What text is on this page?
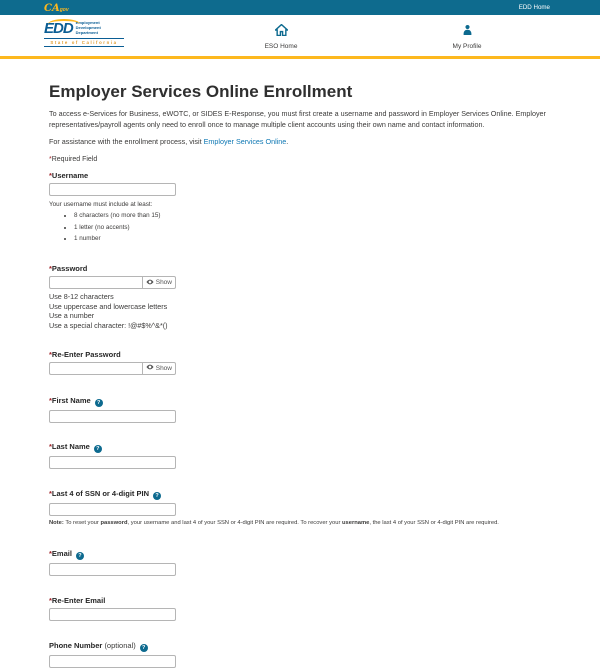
CAgov	EDD Home
EDD Employment
Development
Department
State of California
ESO Home	My Profile
Employer Services Online Enrollment

To access e-Services for Business, eWOTC, or SIDES E-Response, you must first create a username and password in Employer Services Online. Employer representatives/payroll agents only need to enroll once to manage multiple client accounts using their own name and contact information.

For assistance with the enrollment process, visit Employer Services Online.

*Required Field

*Username
Your username must include at least:
• 8 characters (no more than 15)
• 1 letter (no accents)
• 1 number
*Password
Show
Use 8-12 characters
Use uppercase and lowercase letters
Use a number
Use a special character: !@#$%^&*()
*Re-Enter Password
Show
*First Name ?
*Last Name ?
*Last 4 of SSN or 4-digit PIN ?
Note: To reset your password, your username and last 4 of your SSN or 4-digit PIN are required. To recover your username, the last 4 of your SSN or 4-digit PIN are required.
*Email ?
*Re-Enter Email
Phone Number (optional) ?
